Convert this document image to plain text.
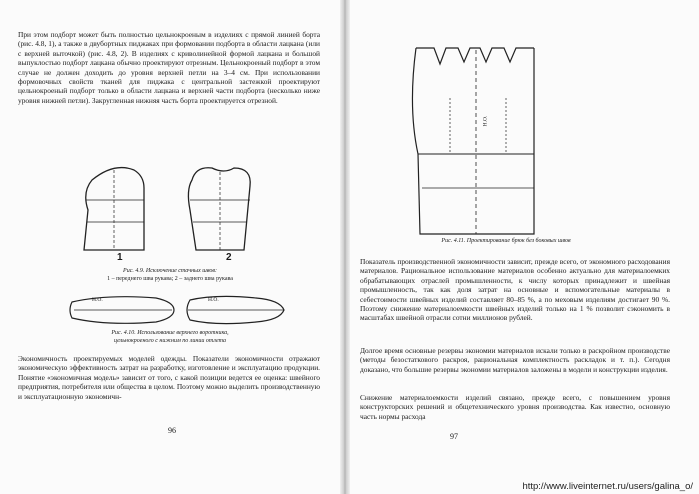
При этом подборт может быть полностью цельнокроеным в изделиях с прямой линией борта (рис. 4.8, 1), а также в двубортных пиджаках при формовании подборта в области лацкана (или с верхней выточкой) (рис. 4.8, 2). В изделиях с криволинейной формой лацкана и большой выпуклостью подборт лацкана обычно проектируют отрезным. Цельнокроеный подборт в этом случае не должен доходить до уровня верхней петли на 3–4 см. При использовании формовочных свойств тканей для пиджака с центральной застежкой проектируют цельнокроеный подборт только в области лацкана и верхней части подборта (несколько ниже уровня нижней петли). Закругленная нижняя часть борта проектируется отрезной.

1	2

Рис. 4.9. Исключение стачных швов:

1 – переднего шва рукава; 2 – заднего шва рукава

Н.О.	Н.О.

Рис. 4.10. Использование верхнего воротника,

цельнокроеного с нижним по линии отлета

Экономичность проектируемых моделей одежды. Показатели экономичности отражают экономическую эффективность затрат на разработку, изготовление и эксплуатацию продукции. Понятие «экономичная модель» зависит от того, с какой позиции ведется ее оценка: швейного предприятия, потребителя или общества в целом. Поэтому можно выделить производственную и эксплуатационную экономичн-

96
Н.О.

Рис. 4.11. Проектирование брюк без боковых швов

Показатель производственной экономичности зависит, прежде всего, от экономного расходования материалов. Рациональное использование материалов особенно актуально для материалоемких обрабатывающих отраслей промышленности, к числу которых принадлежит и швейная промышленность, так как доля затрат на основные и вспомогательные материалы в себестоимости швейных изделий составляет 80–85 %, а по меховым изделиям достигает 90 %. Поэтому снижение материалоемкости швейных изделий только на 1 % позволит сэкономить в масштабах швейной отрасли сотни миллионов рублей.

Долгое время основные резервы экономии материалов искали только в раскройном производстве (методы безостаткового раскроя, рациональная комплектность раскладок и т. п.). Сегодня доказано, что большие резервы экономии материалов заложены в модели и конструкции изделия.

Снижение материалоемкости изделий связано, прежде всего, с повышением уровня конструкторских решений и общетехнического уровня производства. Как известно, основную часть нормы расхода

97
http://www.liveinternet.ru/users/galina_o/
